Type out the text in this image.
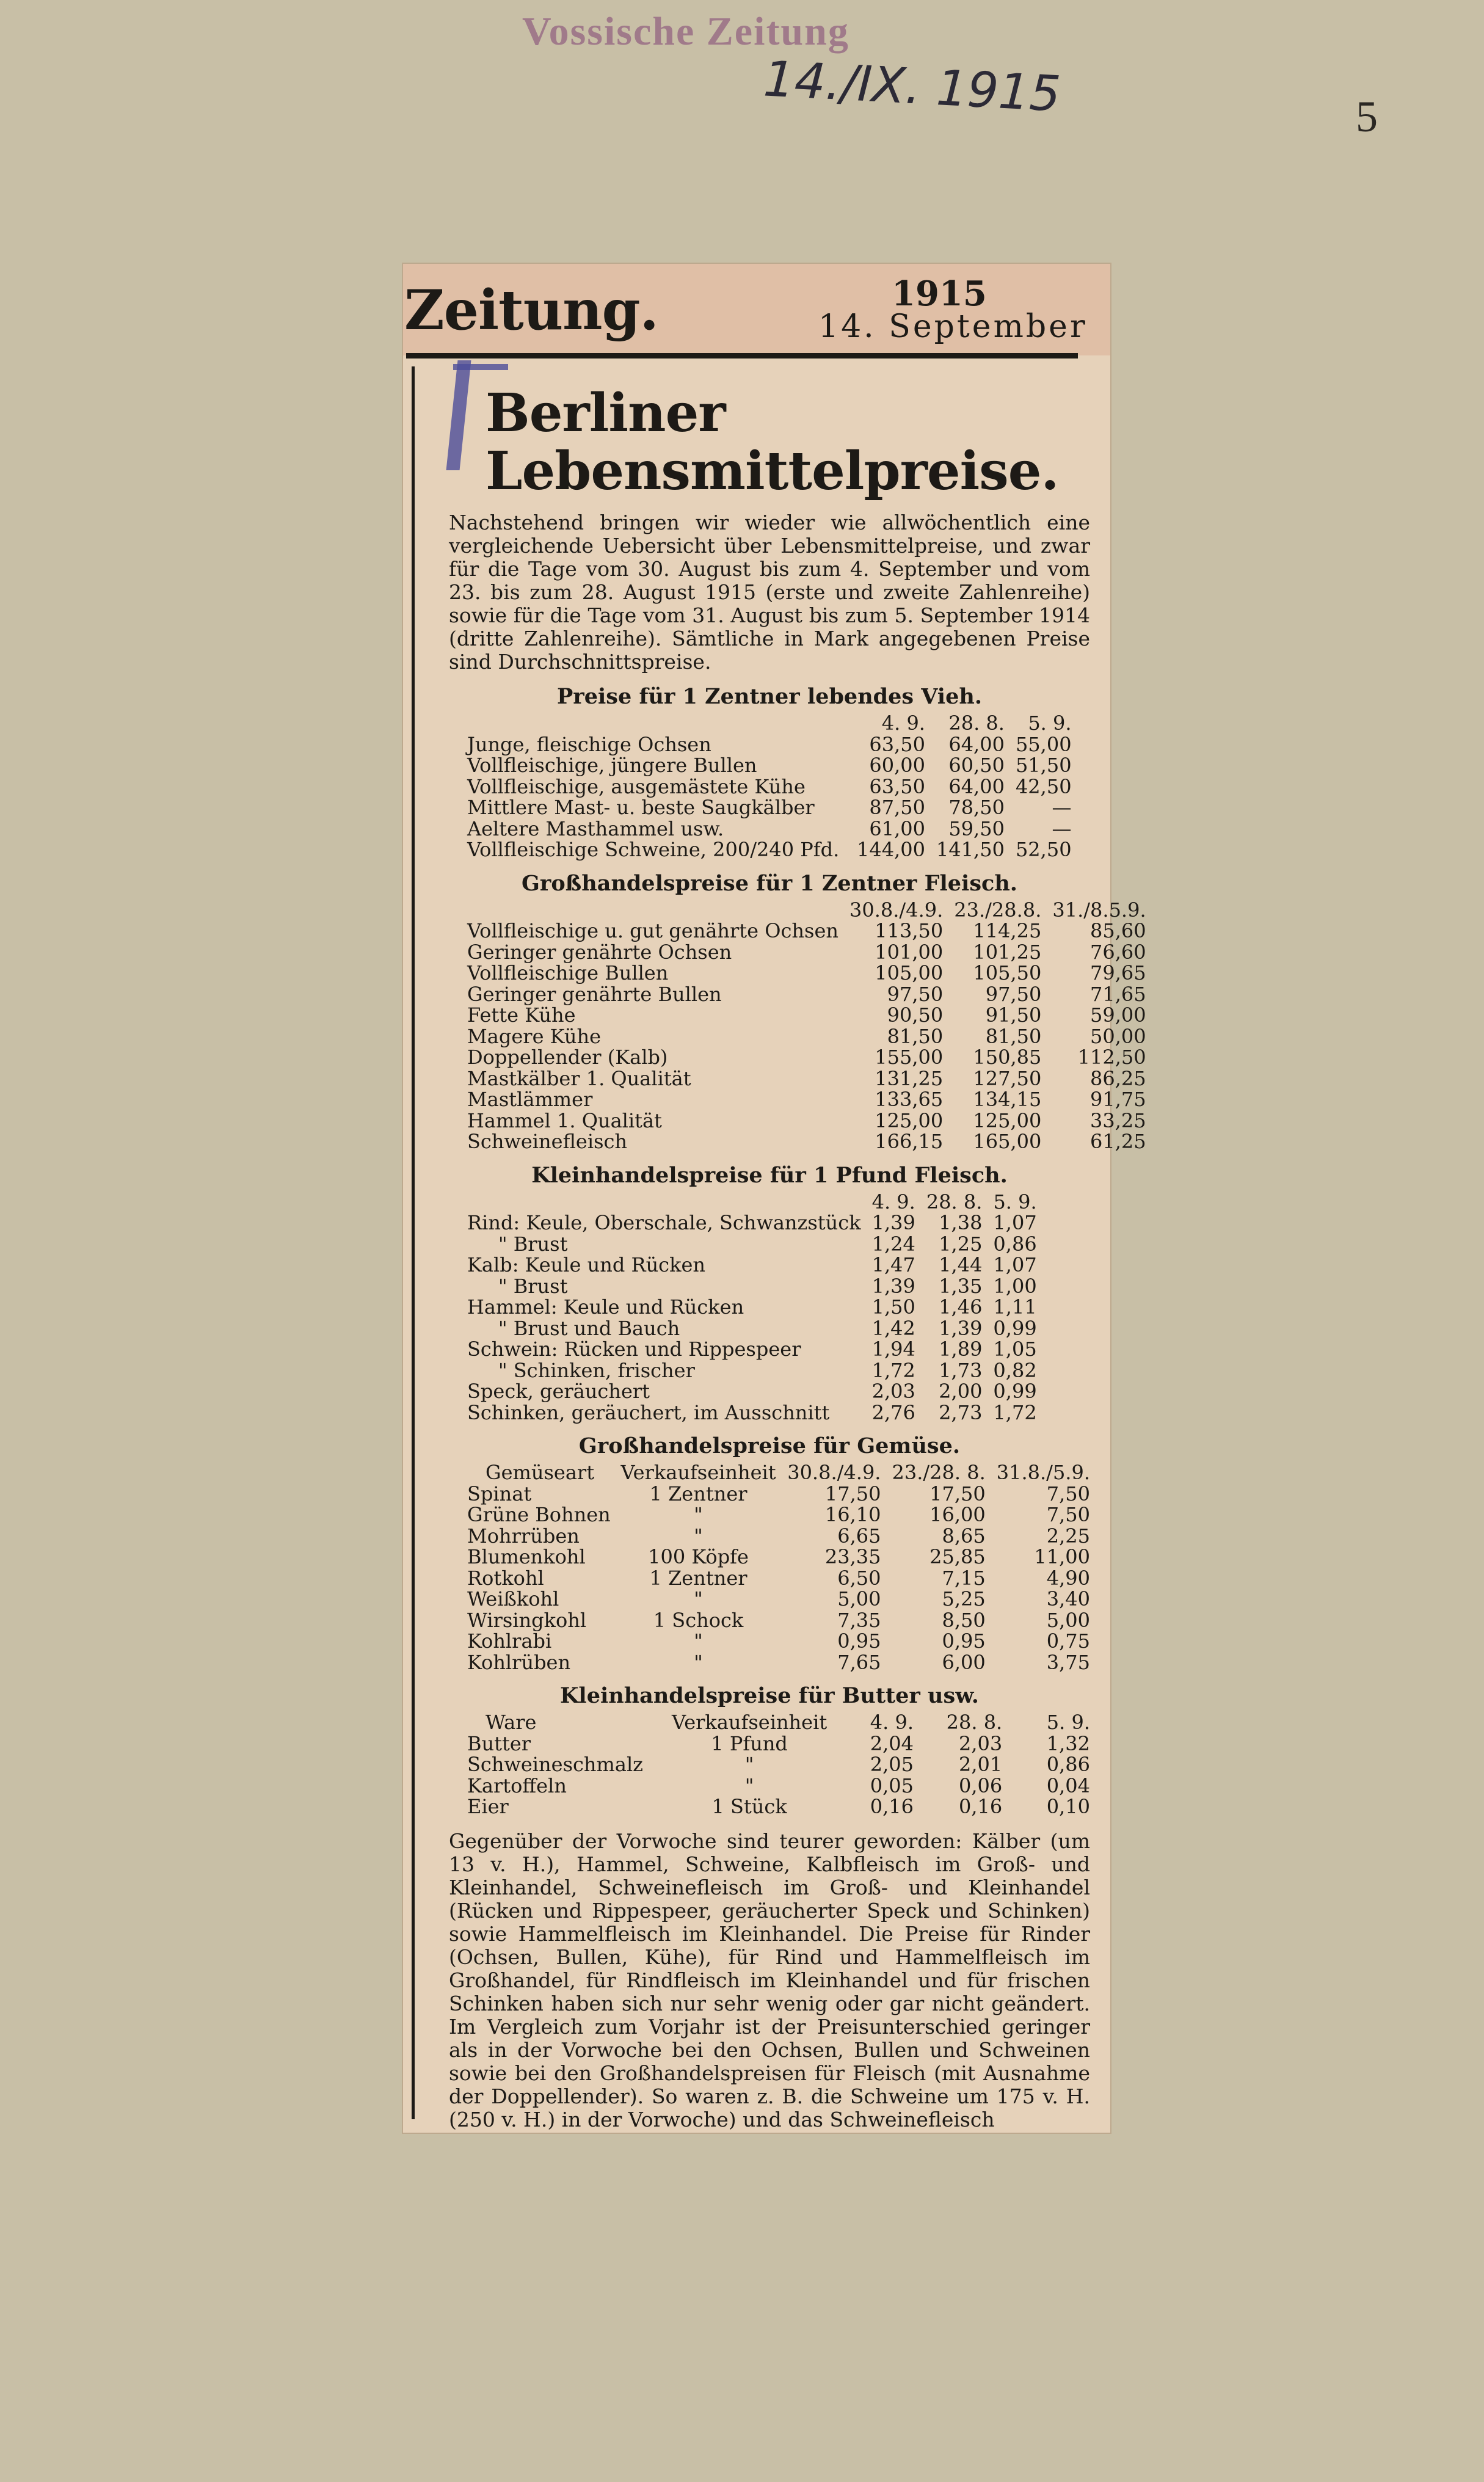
Vossische Zeitung
14./IX. 1915	5
Zeitung.	1915
14. September
Berliner Lebensmittelpreise.

Nachstehend bringen wir wieder wie allwöchentlich eine vergleichende Uebersicht über Lebensmittelpreise, und zwar für die Tage vom 30. August bis zum 4. September und vom 23. bis zum 28. August 1915 (erste und zweite Zahlenreihe) sowie für die Tage vom 31. August bis zum 5. September 1914 (dritte Zahlenreihe). Sämtliche in Mark angegebenen Preise sind Durchschnittspreise.

Preise für 1 Zentner lebendes Vieh.
	4. 9.	28. 8.	5. 9.
Junge, fleischige Ochsen	63,50	64,00	55,00
Vollfleischige, jüngere Bullen	60,00	60,50	51,50
Vollfleischige, ausgemästete Kühe	63,50	64,00	42,50
Mittlere Mast- u. beste Saugkälber	87,50	78,50	—
Aeltere Masthammel usw.	61,00	59,50	—
Vollfleischige Schweine, 200/240 Pfd.	144,00	141,50	52,50
Großhandelspreise für 1 Zentner Fleisch.
	30.8./4.9.	23./28.8.	31./8.5.9.
Vollfleischige u. gut genährte Ochsen	113,50	114,25	85,60
Geringer genährte Ochsen	101,00	101,25	76,60
Vollfleischige Bullen	105,00	105,50	79,65
Geringer genährte Bullen	97,50	97,50	71,65
Fette Kühe	90,50	91,50	59,00
Magere Kühe	81,50	81,50	50,00
Doppellender (Kalb)	155,00	150,85	112,50
Mastkälber 1. Qualität	131,25	127,50	86,25
Mastlämmer	133,65	134,15	91,75
Hammel 1. Qualität	125,00	125,00	33,25
Schweinefleisch	166,15	165,00	61,25
Kleinhandelspreise für 1 Pfund Fleisch.
	4. 9.	28. 8.	5. 9.
Rind: Keule, Oberschale, Schwanzstück	1,39	1,38	1,07
" Brust	1,24	1,25	0,86
Kalb: Keule und Rücken	1,47	1,44	1,07
" Brust	1,39	1,35	1,00
Hammel: Keule und Rücken	1,50	1,46	1,11
" Brust und Bauch	1,42	1,39	0,99
Schwein: Rücken und Rippespeer	1,94	1,89	1,05
" Schinken, frischer	1,72	1,73	0,82
Speck, geräuchert	2,03	2,00	0,99
Schinken, geräuchert, im Ausschnitt	2,76	2,73	1,72
Großhandelspreise für Gemüse.
Gemüseart	Verkaufseinheit	30.8./4.9.	23./28. 8.	31.8./5.9.
Spinat	1 Zentner	17,50	17,50	7,50
Grüne Bohnen	"	16,10	16,00	7,50
Mohrrüben	"	6,65	8,65	2,25
Blumenkohl	100 Köpfe	23,35	25,85	11,00
Rotkohl	1 Zentner	6,50	7,15	4,90
Weißkohl	"	5,00	5,25	3,40
Wirsingkohl	1 Schock	7,35	8,50	5,00
Kohlrabi	"	0,95	0,95	0,75
Kohlrüben	"	7,65	6,00	3,75
Kleinhandelspreise für Butter usw.
Ware	Verkaufseinheit	4. 9.	28. 8.	5. 9.
Butter	1 Pfund	2,04	2,03	1,32
Schweineschmalz	"	2,05	2,01	0,86
Kartoffeln	"	0,05	0,06	0,04
Eier	1 Stück	0,16	0,16	0,10

Gegenüber der Vorwoche sind teurer geworden: Kälber (um 13 v. H.), Hammel, Schweine, Kalbfleisch im Groß- und Kleinhandel, Schweinefleisch im Groß- und Kleinhandel (Rücken und Rippespeer, geräucherter Speck und Schinken) sowie Hammelfleisch im Kleinhandel. Die Preise für Rinder (Ochsen, Bullen, Kühe), für Rind und Hammelfleisch im Großhandel, für Rindfleisch im Kleinhandel und für frischen Schinken haben sich nur sehr wenig oder gar nicht geändert. Im Vergleich zum Vorjahr ist der Preisunterschied geringer als in der Vorwoche bei den Ochsen, Bullen und Schweinen sowie bei den Großhandelspreisen für Fleisch (mit Ausnahme der Doppellender). So waren z. B. die Schweine um 175 v. H. (250 v. H.) in der Vorwoche) und das Schweinefleisch
